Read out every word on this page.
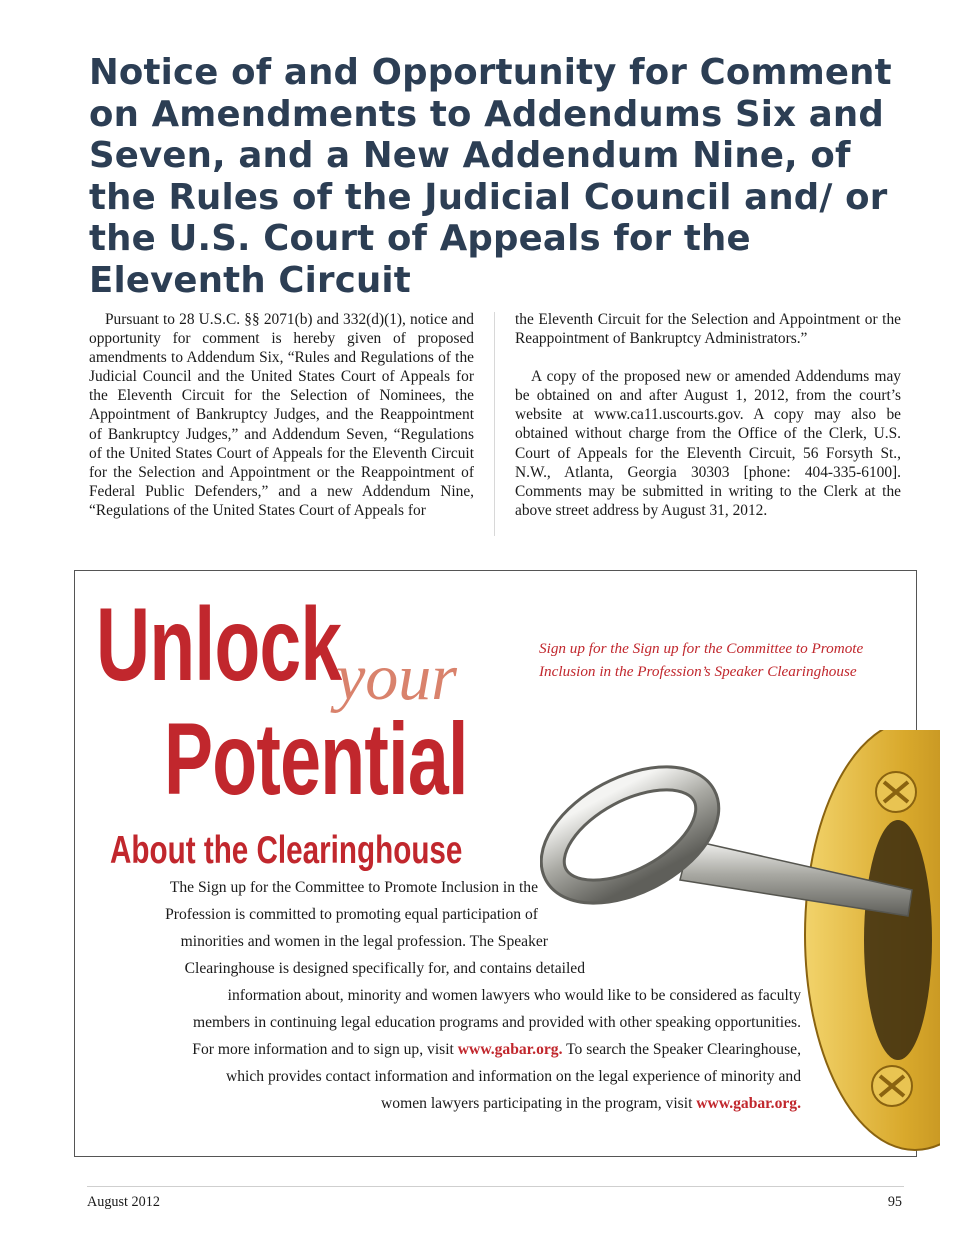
Notice of and Opportunity for Comment on Amendments to Addendums Six and Seven, and a New Addendum Nine, of the Rules of the Judicial Council and/ or the U.S. Court of Appeals for the Eleventh Circuit

Pursuant to 28 U.S.C. §§ 2071(b) and 332(d)(1), notice and opportunity for comment is hereby given of proposed amendments to Addendum Six, “Rules and Regulations of the Judicial Council and the United States Court of Appeals for the Eleventh Circuit for the Selection of Nominees, the Appointment of Bankruptcy Judges, and the Reappointment of Bankruptcy Judges,” and Addendum Seven, “Regulations of the United States Court of Appeals for the Eleventh Circuit for the Selection and Appointment or the Reappointment of Federal Public Defenders,” and a new Addendum Nine, “Regulations of the United States Court of Appeals for

the Eleventh Circuit for the Selection and Appointment or the Reappointment of Bankruptcy Administrators.”

A copy of the proposed new or amended Addendums may be obtained on and after August 1, 2012, from the court’s website at www.ca11.uscourts.gov. A copy may also be obtained without charge from the Office of the Clerk, U.S. Court of Appeals for the Eleventh Circuit, 56 Forsyth St., N.W., Atlanta, Georgia 30303 [phone: 404-335-6100]. Comments may be submitted in writing to the Clerk at the above street address by August 31, 2012.

Unlock

your

Potential

Sign up for the Sign up for the Committee to Promote Inclusion in the Profession’s Speaker Clearinghouse

About the Clearinghouse

The Sign up for the Committee to Promote Inclusion in the

Profession is committed to promoting equal participation of

minorities and women in the legal profession. The Speaker

Clearinghouse is designed specifically for, and contains detailed

information about, minority and women lawyers who would like to be considered as faculty

members in continuing legal education programs and provided with other speaking opportunities.

For more information and to sign up, visit www.gabar.org. To search the Speaker Clearinghouse,

which provides contact information and information on the legal experience of minority and

women lawyers participating in the program, visit www.gabar.org.

August 2012	95
